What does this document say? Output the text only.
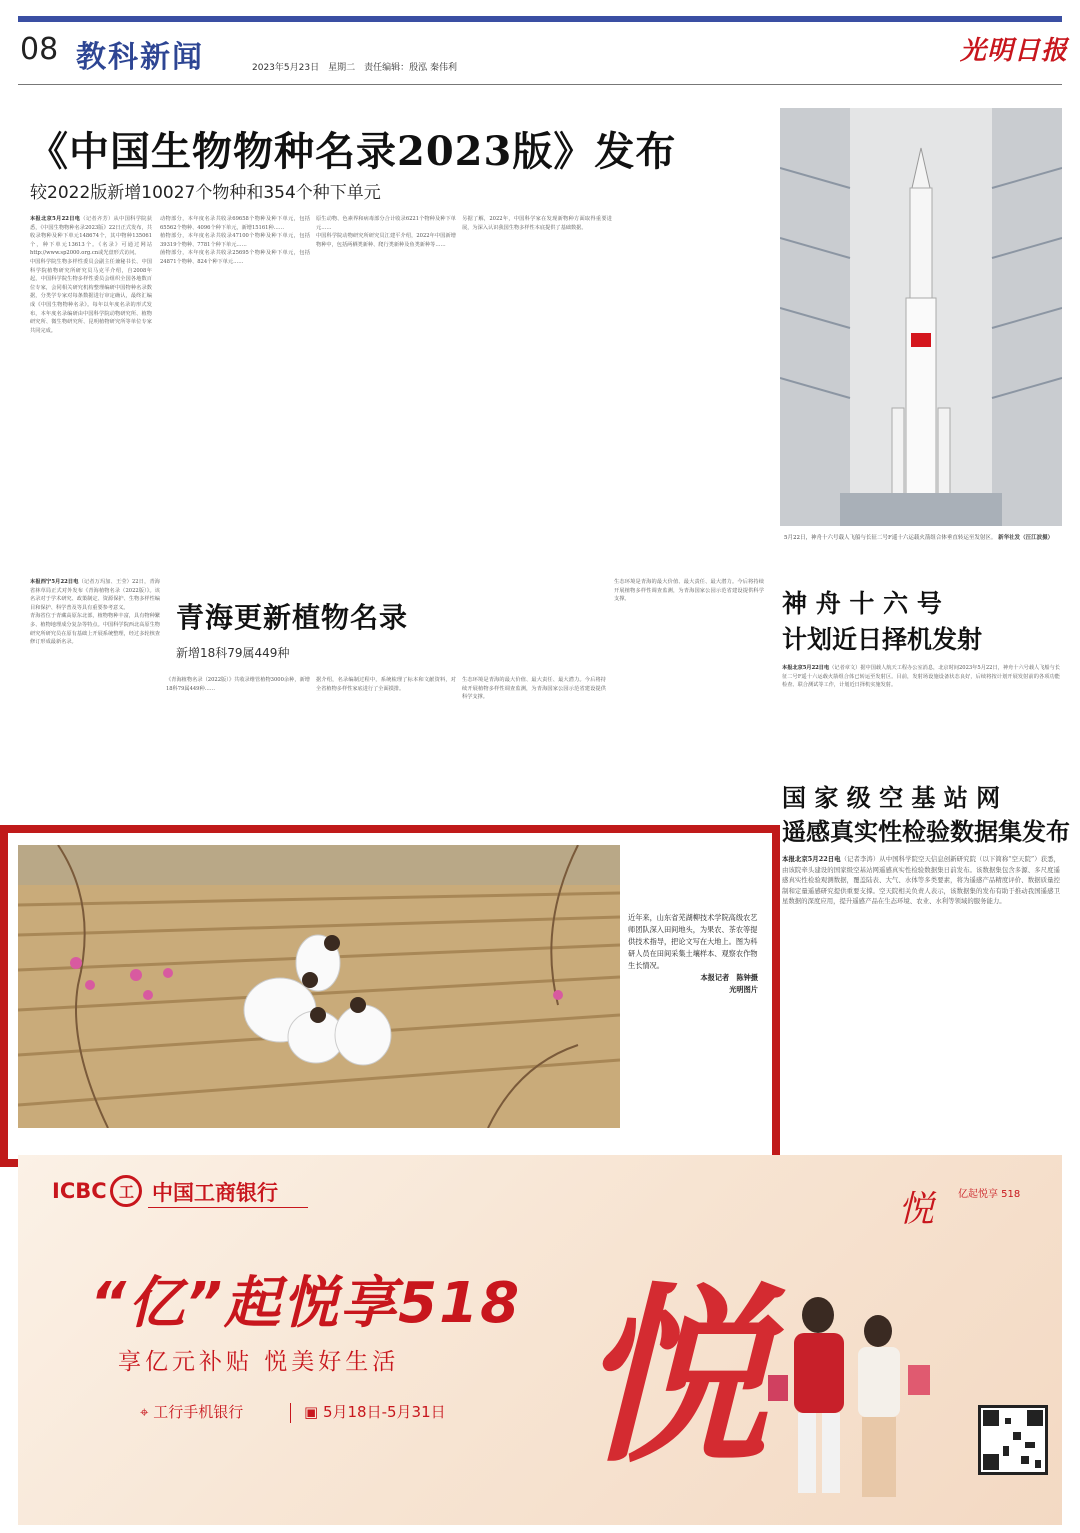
08 教科新闻	2023年5月23日　星期二　责任编辑：殷泓 秦伟利
光明日报
《中国生物物种名录2023版》发布
较2022版新增10027个物种和354个种下单元
本报北京5月22日电（记者齐芳）从中国科学院获悉，《中国生物物种名录2023版》22日正式发布，共收录物种及种下单元148674个，其中物种135061个，种下单元13613个。《名录》可通过网站http://www.sp2000.org.cn或光盘形式访问。

中国科学院生物多样性委员会副主任兼秘书长、中国科学院植物研究所研究员马克平介绍，自2008年起，中国科学院生物多样性委员会组织全国各地数百位专家，会同相关研究机构整理编研中国物种名录数据，分类学专家对每条数据进行审定确认，最终汇编成《中国生物物种名录》。每年以年度名录的形式发布，本年度名录编研由中国科学院动物研究所、植物研究所、微生物研究所、昆明植物研究所等单位专家共同完成。

动物部分，本年度名录共收录69658个物种及种下单元，包括65562个物种、4096个种下单元，新增15161种……

植物部分，本年度名录共收录47100个物种及种下单元，包括39319个物种、7781个种下单元……

菌物部分，本年度名录共收录25695个物种及种下单元，包括24871个物种、824个种下单元……

原生动物、色素界和病毒部分合计收录6221个物种及种下单元……

中国科学院动物研究所研究员江建平介绍，2022年中国新增物种中，包括两栖类新种、爬行类新种及鱼类新种等……

另据了解，2022年，中国科学家在发现新物种方面取得重要进展，为深入认识我国生物多样性本底提供了基础数据。

5月22日，神舟十六号载人飞船与长征二号F遥十六运载火箭组合体垂直转运至发射区。 新华社发（汪江波摄）
本报西宁5月22日电（记者万玛加、王莹）22日，青海省林草局正式对外发布《青海植物名录（2022版）》。该名录对于学术研究、政策制定、资源保护、生物多样性编目和保护、科学普及等具有重要参考意义。

青海省位于青藏高原东北部，植物物种丰富，具有物种繁多、植物地理成分复杂等特点。中国科学院西北高原生物研究所研究员在原有基础上开展系统整理，经过多轮核查修订形成最新名录。

青海更新植物名录
新增18科79属449种

《青海植物名录（2022版）》共收录维管植物3000余种，新增18科79属449种……

据介绍，名录编制过程中，系统梳理了标本和文献资料，对全省植物多样性家底进行了全面摸排。

生态环境是青海的最大价值、最大责任、最大潜力。今后将持续开展植物多样性调查监测，为青海国家公园示范省建设提供科学支撑。

生态环境是青海的最大价值、最大责任、最大潜力。今后将持续开展植物多样性调查监测，为青海国家公园示范省建设提供科学支撑。	神 舟 十 六 号
计划近日择机发射
本报北京5月22日电（记者章文）据中国载人航天工程办公室消息，北京时间2023年5月22日，神舟十六号载人飞船与长征二号F遥十六运载火箭组合体已转运至发射区。目前，发射场设施设备状态良好，后续将按计划开展发射前的各项功能检查、联合测试等工作，计划近日择机实施发射。
国 家 级 空 基 站 网
遥感真实性检验数据集发布
本报北京5月22日电（记者李涛）从中国科学院空天信息创新研究院（以下简称“空天院”）获悉，由该院牵头建设的国家级空基站网遥感真实性检验数据集日前发布。该数据集包含多源、多尺度遥感真实性检验观测数据，覆盖陆表、大气、水体等多类要素，将为遥感产品精度评价、数据质量控制和定量遥感研究提供重要支撑。空天院相关负责人表示，该数据集的发布有助于推动我国遥感卫星数据的深度应用，提升遥感产品在生态环境、农业、水利等领域的服务能力。
近年来，山东省芜湖柳技术学院高级农艺师团队深入田间地头，为果农、茶农等提供技术指导，把论文写在大地上。图为科研人员在田间采集土壤样本、观察农作物生长情况。
本报记者　陈钟摄
光明图片
ICBC 工 中国工商银行
悦
悦 亿起悦享 518
“亿”起悦享518
享亿元补贴 悦美好生活
⌖ 工行手机银行	▣ 5月18日-5月31日
